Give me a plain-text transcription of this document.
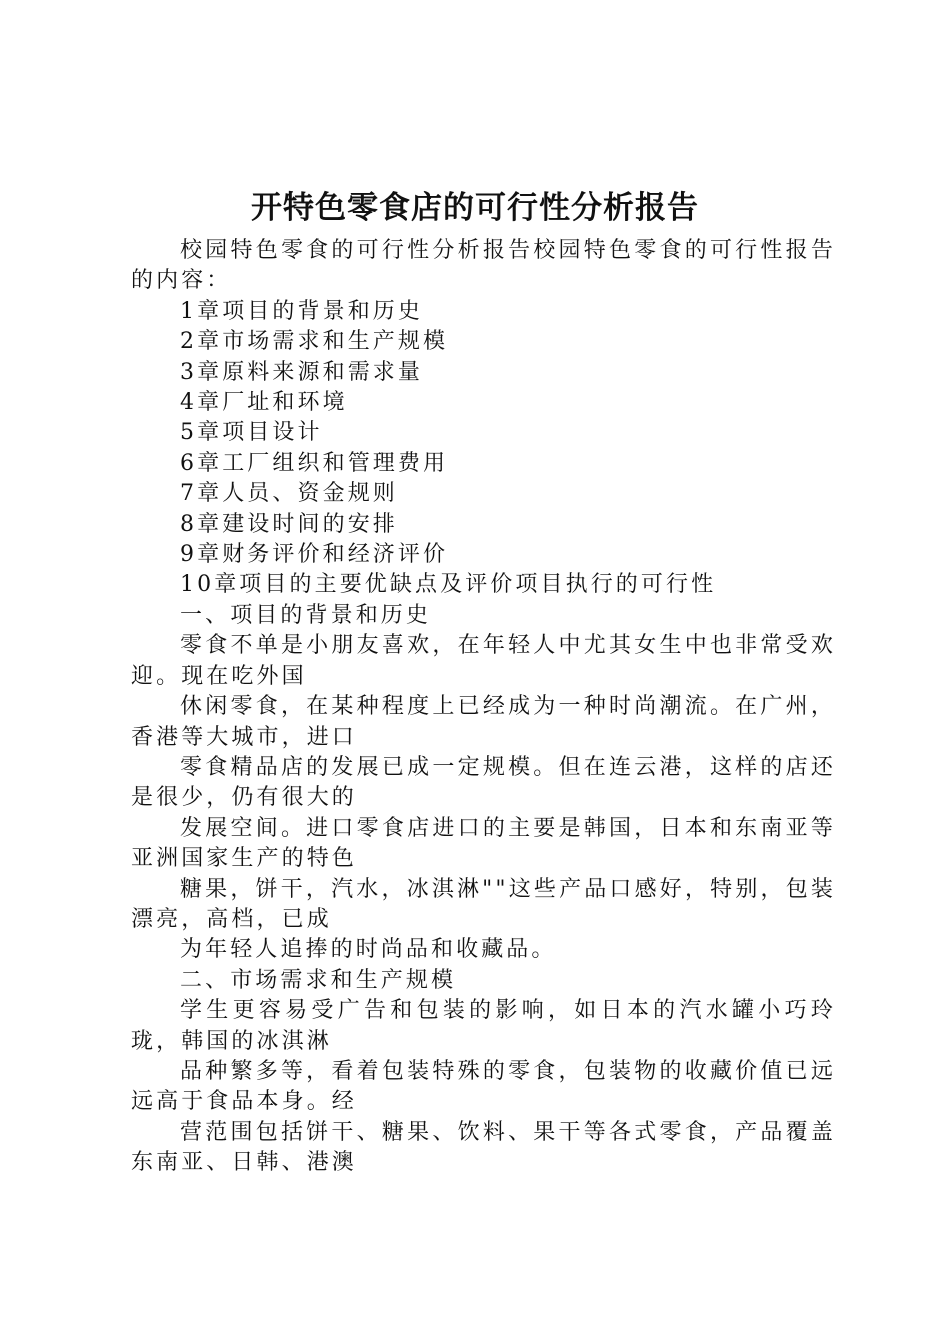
开特色零食店的可行性分析报告

校园特色零食的可行性分析报告校园特色零食的可行性报告的内容：

1章项目的背景和历史

2章市场需求和生产规模

3章原料来源和需求量

4章厂址和环境

5章项目设计

6章工厂组织和管理费用

7章人员、资金规则

8章建设时间的安排

9章财务评价和经济评价

10章项目的主要优缺点及评价项目执行的可行性

一、项目的背景和历史

零食不单是小朋友喜欢，在年轻人中尤其女生中也非常受欢迎。现在吃外国

休闲零食，在某种程度上已经成为一种时尚潮流。在广州，香港等大城市，进口

零食精品店的发展已成一定规模。但在连云港，这样的店还是很少，仍有很大的

发展空间。进口零食店进口的主要是韩国，日本和东南亚等亚洲国家生产的特色

糖果，饼干，汽水，冰淇淋""这些产品口感好，特别，包装漂亮，高档，已成

为年轻人追捧的时尚品和收藏品。

二、市场需求和生产规模

学生更容易受广告和包装的影响，如日本的汽水罐小巧玲珑，韩国的冰淇淋

品种繁多等，看着包装特殊的零食，包装物的收藏价值已远远高于食品本身。经

营范围包括饼干、糖果、饮料、果干等各式零食，产品覆盖东南亚、日韩、港澳
